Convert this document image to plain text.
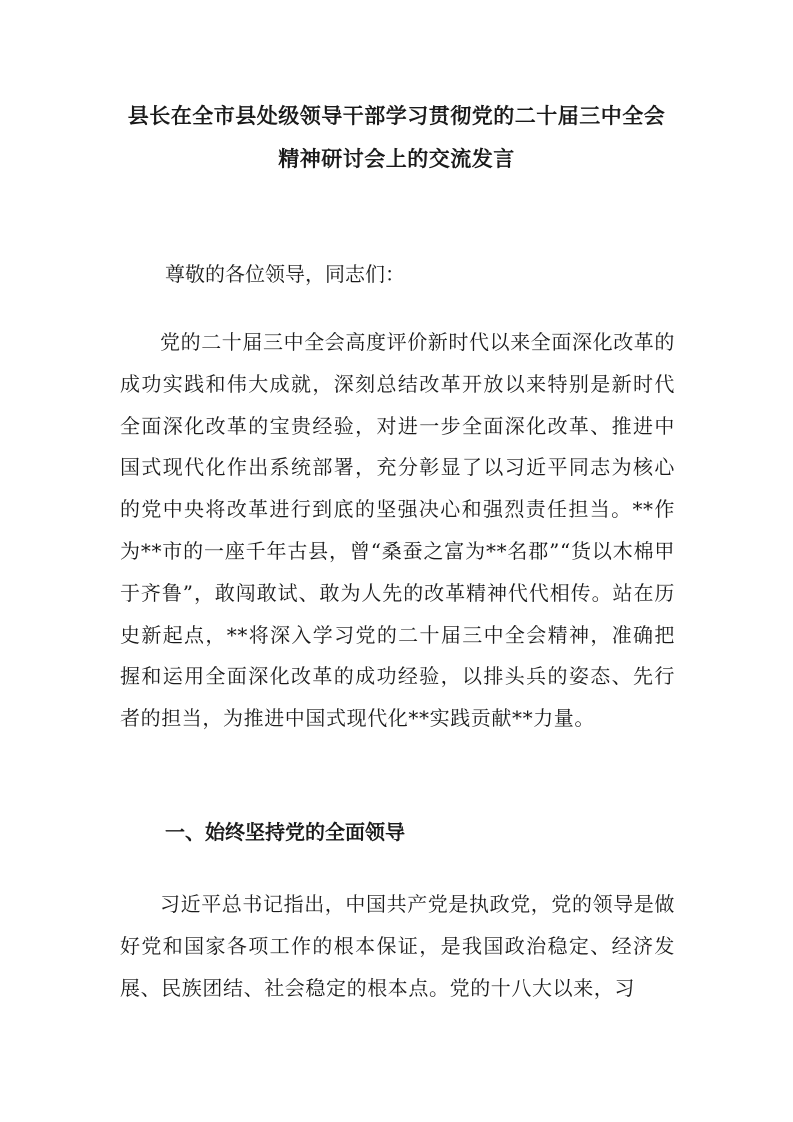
县长在全市县处级领导干部学习贯彻党的二十届三中全会
精神研讨会上的交流发言

尊敬的各位领导，同志们：

党的二十届三中全会高度评价新时代以来全面深化改革的成功实践和伟大成就，深刻总结改革开放以来特别是新时代全面深化改革的宝贵经验，对进一步全面深化改革、推进中国式现代化作出系统部署，充分彰显了以习近平同志为核心的党中央将改革进行到底的坚强决心和强烈责任担当。**作为**市的一座千年古县，曾“桑蚕之富为**名郡”“货以木棉甲于齐鲁”，敢闯敢试、敢为人先的改革精神代代相传。站在历史新起点，**将深入学习党的二十届三中全会精神，准确把握和运用全面深化改革的成功经验，以排头兵的姿态、先行者的担当，为推进中国式现代化**实践贡献**力量。

一、始终坚持党的全面领导

习近平总书记指出，中国共产党是执政党，党的领导是做好党和国家各项工作的根本保证，是我国政治稳定、经济发展、民族团结、社会稳定的根本点。党的十八大以来，习
